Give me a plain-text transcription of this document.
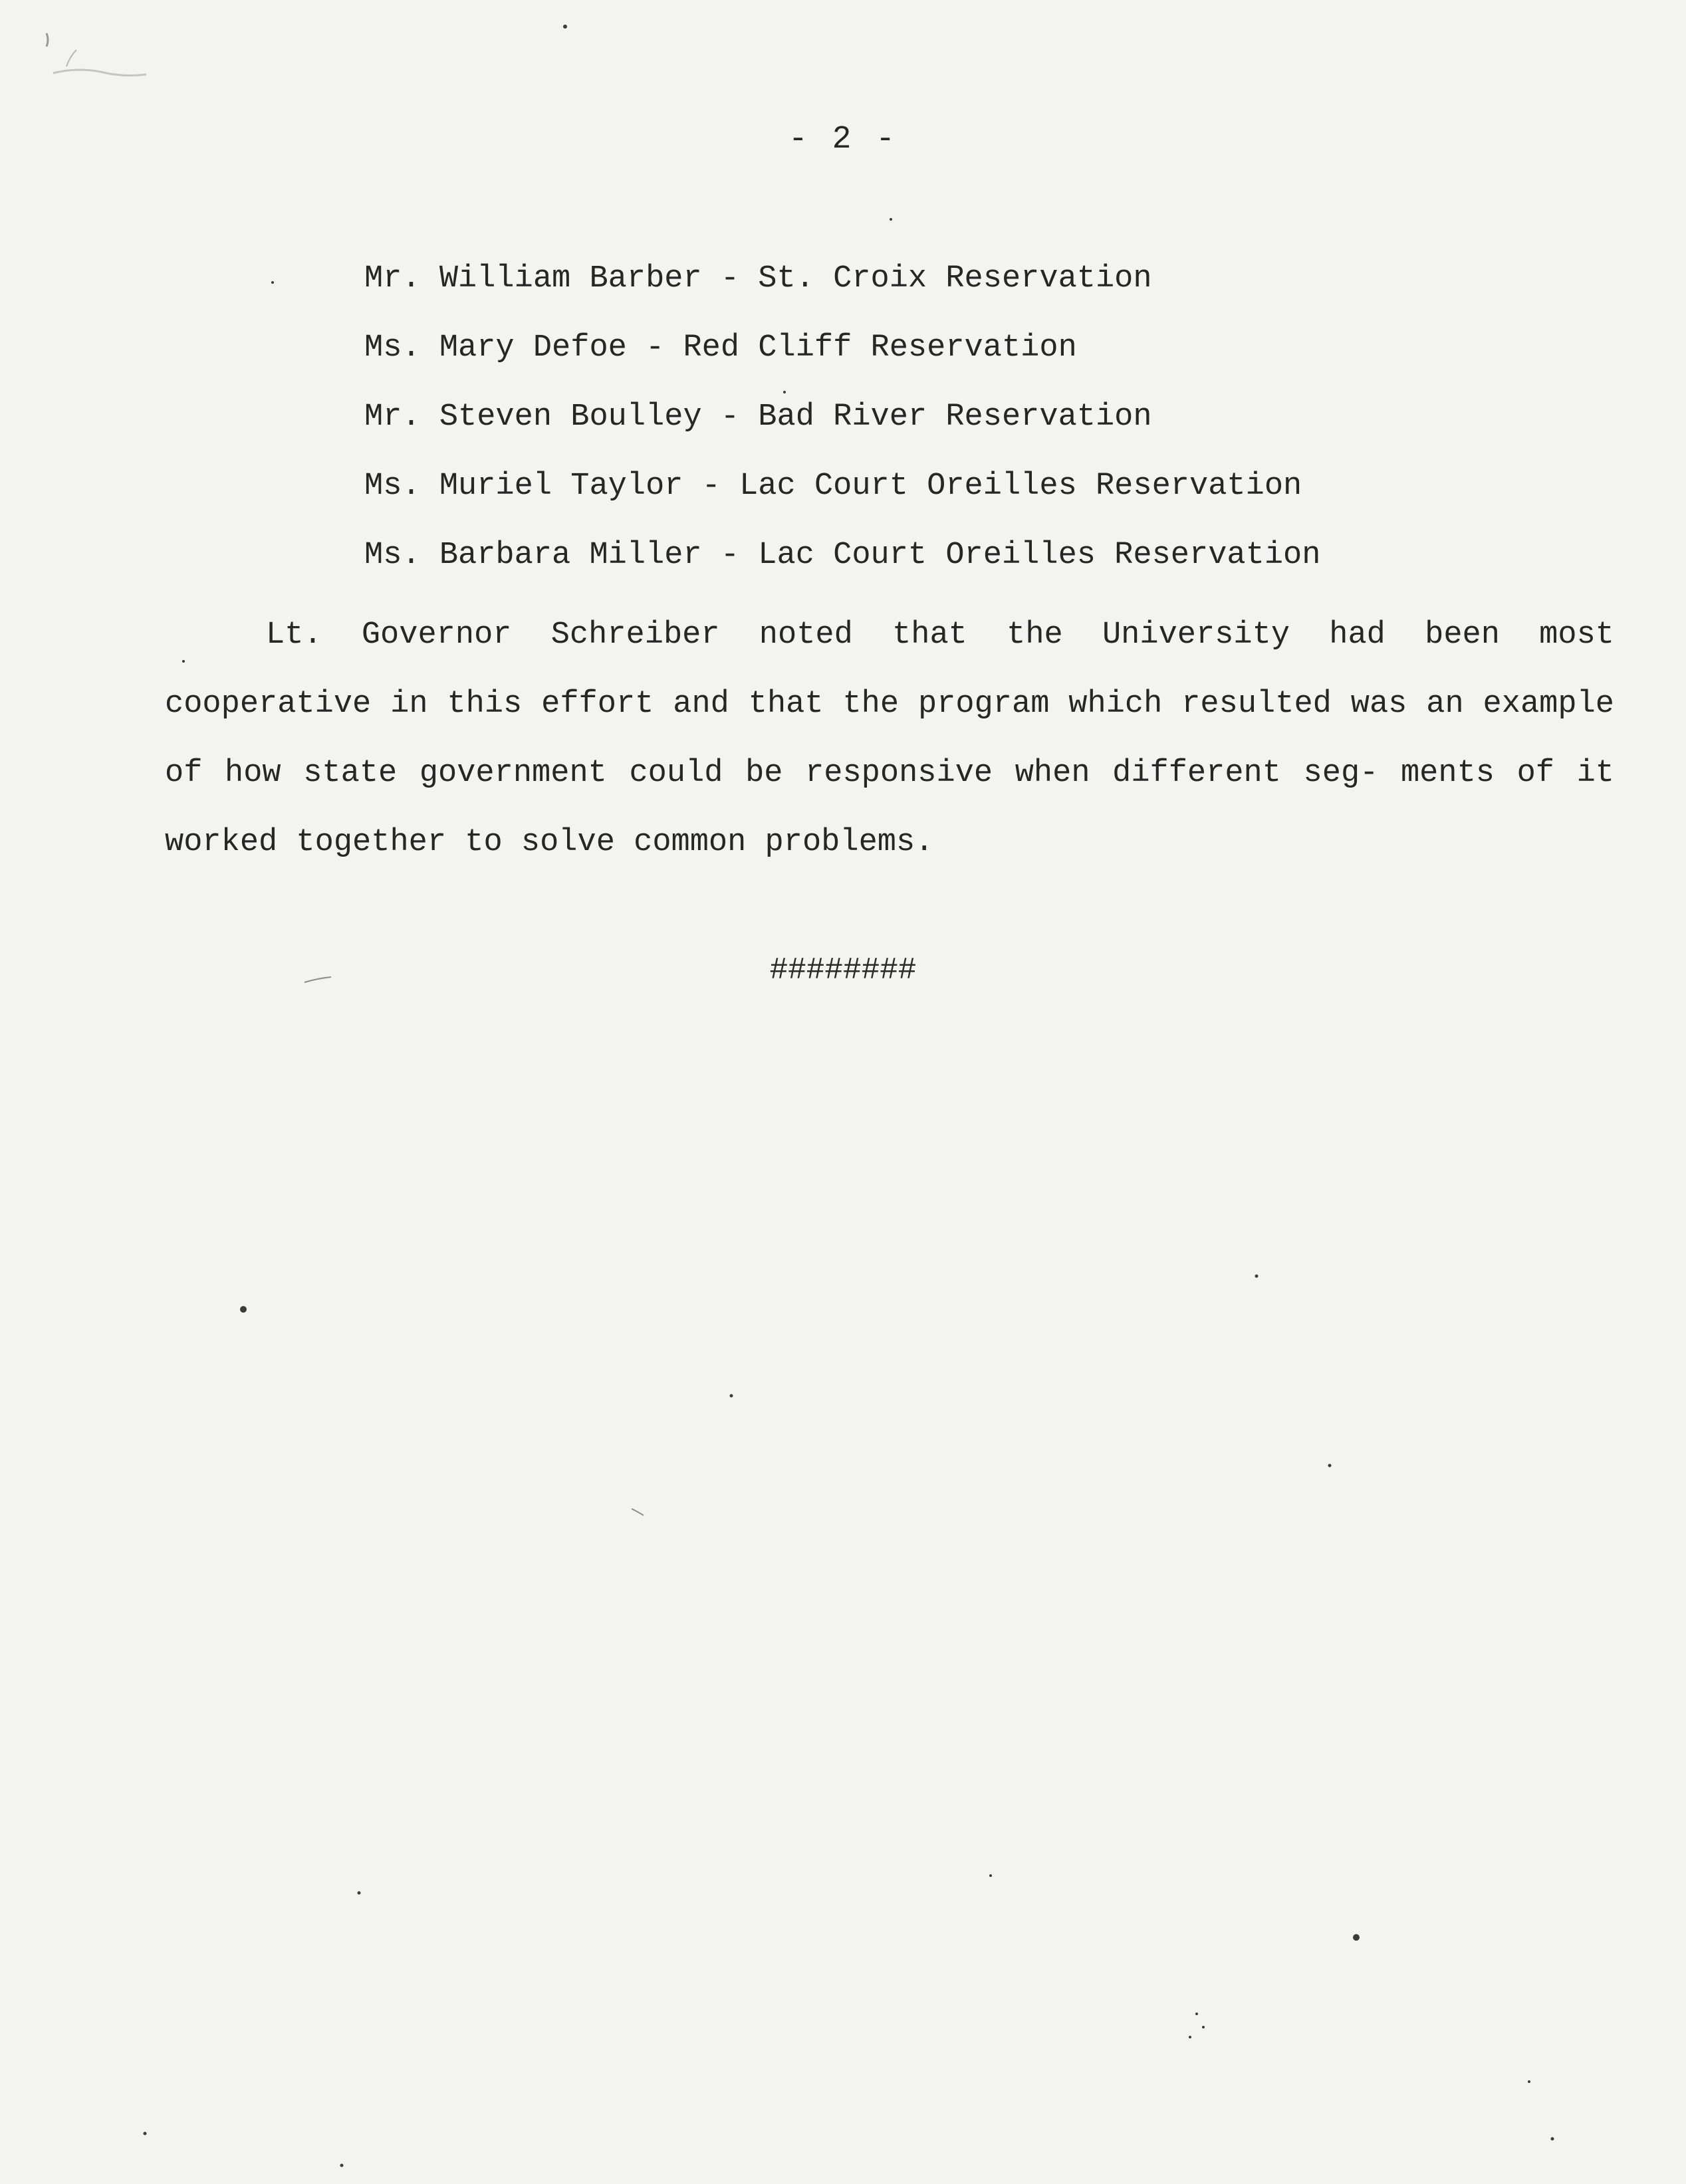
- 2 -
Mr. William Barber - St. Croix Reservation
Ms. Mary Defoe - Red Cliff Reservation
Mr. Steven Boulley - Bad River Reservation
Ms. Muriel Taylor - Lac Court Oreilles Reservation
Ms. Barbara Miller - Lac Court Oreilles Reservation

Lt. Governor Schreiber noted that the University had been most cooperative in this effort and that the program which resulted was an example of how state government could be responsive when different seg- ments of it worked together to solve common problems.

########
